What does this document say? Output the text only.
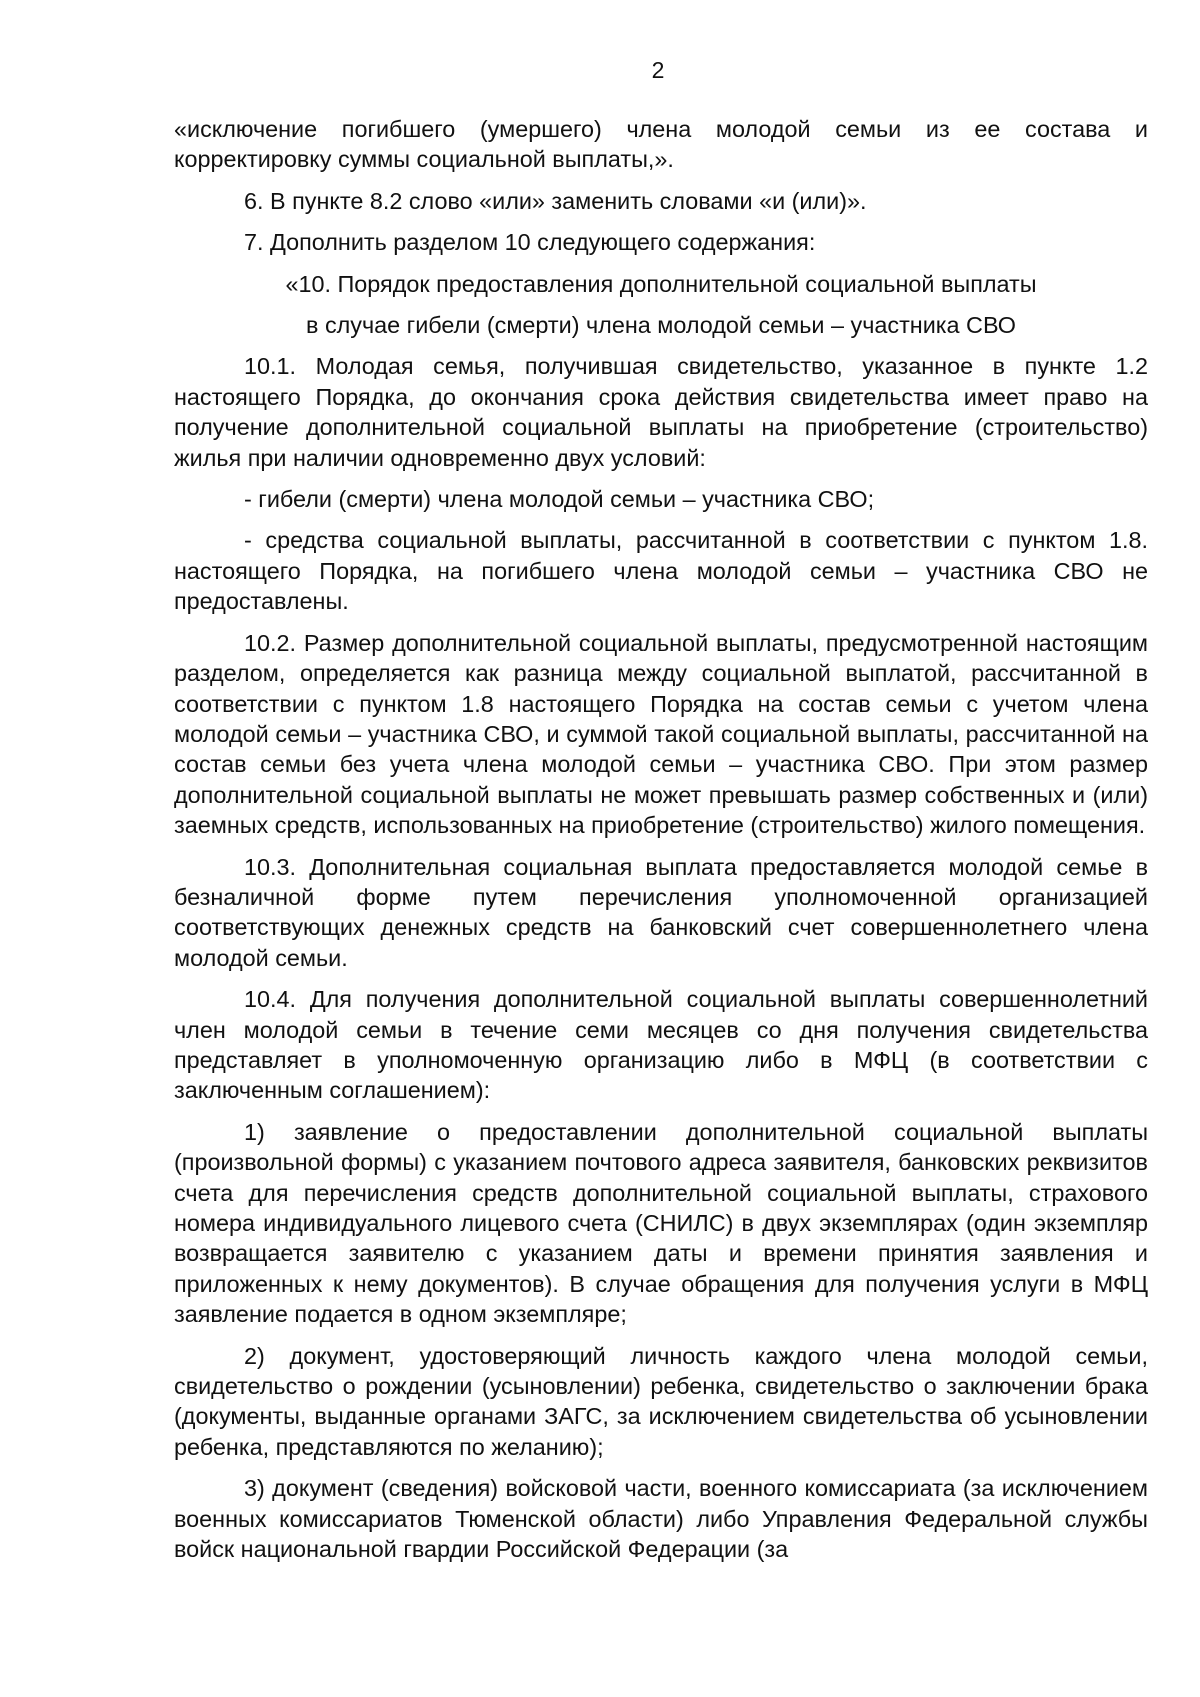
2

«исключение погибшего (умершего) члена молодой семьи из ее состава и корректировку суммы социальной выплаты,».

6. В пункте 8.2 слово «или» заменить словами «и (или)».

7. Дополнить разделом 10 следующего содержания:

«10. Порядок предоставления дополнительной социальной выплаты
в случае гибели (смерти) члена молодой семьи – участника СВО

10.1. Молодая семья, получившая свидетельство, указанное в пункте 1.2 настоящего Порядка, до окончания срока действия свидетельства имеет право на получение дополнительной социальной выплаты на приобретение (строительство) жилья при наличии одновременно двух условий:

- гибели (смерти) члена молодой семьи – участника СВО;

- средства социальной выплаты, рассчитанной в соответствии с пунктом 1.8. настоящего Порядка, на погибшего члена молодой семьи – участника СВО не предоставлены.

10.2. Размер дополнительной социальной выплаты, предусмотренной настоящим разделом, определяется как разница между социальной выплатой, рассчитанной в соответствии с пунктом 1.8 настоящего Порядка на состав семьи с учетом члена молодой семьи – участника СВО, и суммой такой социальной выплаты, рассчитанной на состав семьи без учета члена молодой семьи – участника СВО. При этом размер дополнительной социальной выплаты не может превышать размер собственных и (или) заемных средств, использованных на приобретение (строительство) жилого помещения.

10.3. Дополнительная социальная выплата предоставляется молодой семье в безналичной форме путем перечисления уполномоченной организацией соответствующих денежных средств на банковский счет совершеннолетнего члена молодой семьи.

10.4. Для получения дополнительной социальной выплаты совершеннолетний член молодой семьи в течение семи месяцев со дня получения свидетельства представляет в уполномоченную организацию либо в МФЦ (в соответствии с заключенным соглашением):

1) заявление о предоставлении дополнительной социальной выплаты (произвольной формы) с указанием почтового адреса заявителя, банковских реквизитов счета для перечисления средств дополнительной социальной выплаты, страхового номера индивидуального лицевого счета (СНИЛС) в двух экземплярах (один экземпляр возвращается заявителю с указанием даты и времени принятия заявления и приложенных к нему документов). В случае обращения для получения услуги в МФЦ заявление подается в одном экземпляре;

2) документ, удостоверяющий личность каждого члена молодой семьи, свидетельство о рождении (усыновлении) ребенка, свидетельство о заключении брака (документы, выданные органами ЗАГС, за исключением свидетельства об усыновлении ребенка, представляются по желанию);

3) документ (сведения) войсковой части, военного комиссариата (за исключением военных комиссариатов Тюменской области) либо Управления Федеральной службы войск национальной гвардии Российской Федерации (за
